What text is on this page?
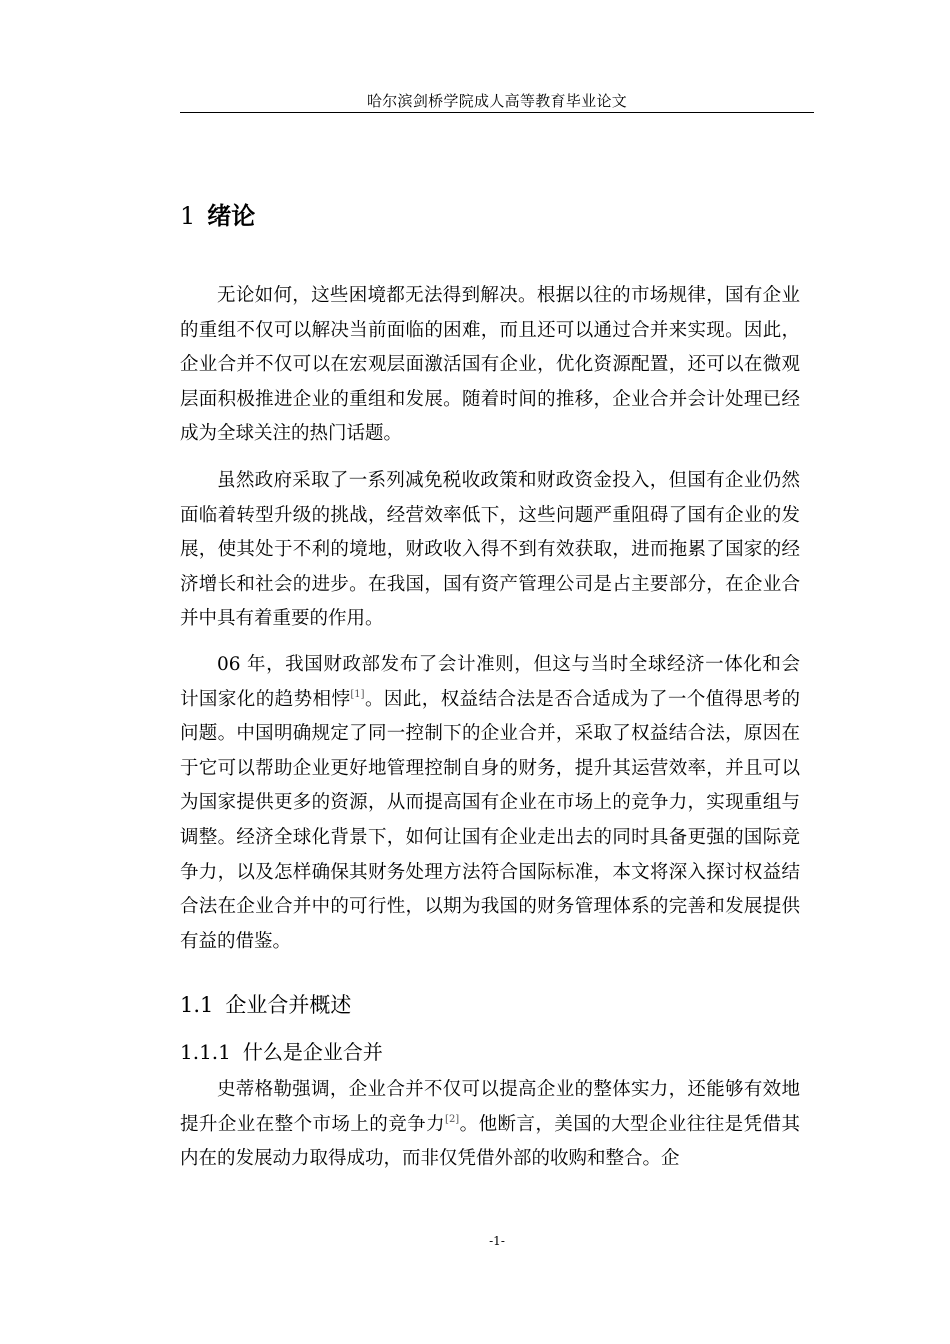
哈尔滨剑桥学院成人高等教育毕业论文
1 绪论

无论如何，这些困境都无法得到解决。根据以往的市场规律，国有企业的重组不仅可以解决当前面临的困难，而且还可以通过合并来实现。因此，企业合并不仅可以在宏观层面激活国有企业，优化资源配置，还可以在微观层面积极推进企业的重组和发展。随着时间的推移，企业合并会计处理已经成为全球关注的热门话题。

虽然政府采取了一系列减免税收政策和财政资金投入，但国有企业仍然面临着转型升级的挑战，经营效率低下，这些问题严重阻碍了国有企业的发展，使其处于不利的境地，财政收入得不到有效获取，进而拖累了国家的经济增长和社会的进步。在我国，国有资产管理公司是占主要部分，在企业合并中具有着重要的作用。

06 年，我国财政部发布了会计准则，但这与当时全球经济一体化和会计国家化的趋势相悖[1]。因此，权益结合法是否合适成为了一个值得思考的问题。中国明确规定了同一控制下的企业合并，采取了权益结合法，原因在于它可以帮助企业更好地管理控制自身的财务，提升其运营效率，并且可以为国家提供更多的资源，从而提高国有企业在市场上的竞争力，实现重组与调整。经济全球化背景下，如何让国有企业走出去的同时具备更强的国际竞争力，以及怎样确保其财务处理方法符合国际标准，本文将深入探讨权益结合法在企业合并中的可行性，以期为我国的财务管理体系的完善和发展提供有益的借鉴。

1.1 企业合并概述
1.1.1 什么是企业合并

史蒂格勒强调，企业合并不仅可以提高企业的整体实力，还能够有效地提升企业在整个市场上的竞争力[2]。他断言，美国的大型企业往往是凭借其内在的发展动力取得成功，而非仅凭借外部的收购和整合。企

-1-
